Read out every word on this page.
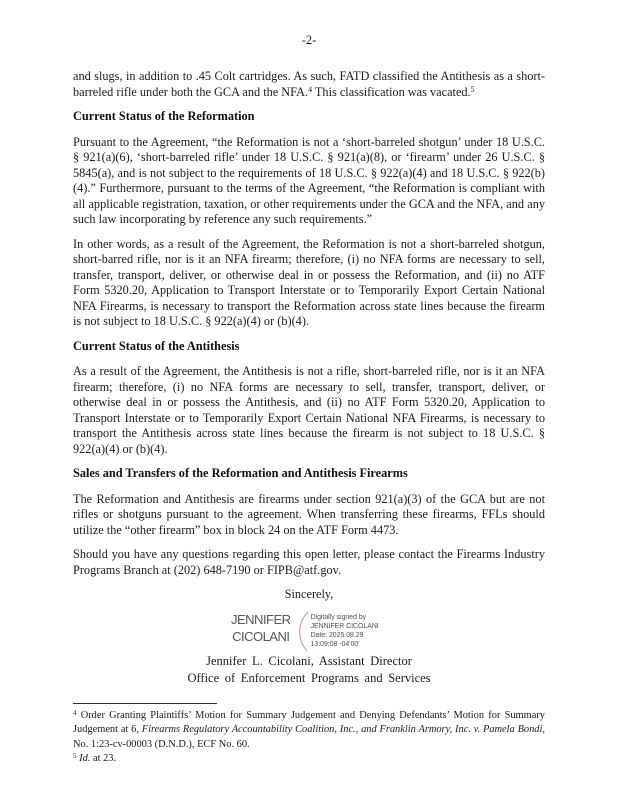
-2-

and slugs, in addition to .45 Colt cartridges. As such, FATD classified the Antithesis as a short-barreled rifle under both the GCA and the NFA.$^4$ This classification was vacated.$^5$

Current Status of the Reformation

Pursuant to the Agreement, “the Reformation is not a ‘short-barreled shotgun’ under 18 U.S.C. § 921(a)(6), ‘short-barreled rifle’ under 18 U.S.C. § 921(a)(8), or ‘firearm’ under 26 U.S.C. § 5845(a), and is not subject to the requirements of 18 U.S.C. § 922(a)(4) and 18 U.S.C. § 922(b)(4).” Furthermore, pursuant to the terms of the Agreement, “the Reformation is compliant with all applicable registration, taxation, or other requirements under the GCA and the NFA, and any such law incorporating by reference any such requirements.”

In other words, as a result of the Agreement, the Reformation is not a short-barreled shotgun, short-barred rifle, nor is it an NFA firearm; therefore, (i) no NFA forms are necessary to sell, transfer, transport, deliver, or otherwise deal in or possess the Reformation, and (ii) no ATF Form 5320.20, Application to Transport Interstate or to Temporarily Export Certain National NFA Firearms, is necessary to transport the Reformation across state lines because the firearm is not subject to 18 U.S.C. § 922(a)(4) or (b)(4).

Current Status of the Antithesis

As a result of the Agreement, the Antithesis is not a rifle, short-barreled rifle, nor is it an NFA firearm; therefore, (i) no NFA forms are necessary to sell, transfer, transport, deliver, or otherwise deal in or possess the Antithesis, and (ii) no ATF Form 5320.20, Application to Transport Interstate or to Temporarily Export Certain National NFA Firearms, is necessary to transport the Antithesis across state lines because the firearm is not subject to 18 U.S.C. § 922(a)(4) or (b)(4).

Sales and Transfers of the Reformation and Antithesis Firearms

The Reformation and Antithesis are firearms under section 921(a)(3) of the GCA but are not rifles or shotguns pursuant to the agreement. When transferring these firearms, FFLs should utilize the “other firearm” box in block 24 on the ATF Form 4473.

Should you have any questions regarding this open letter, please contact the Firearms Industry Programs Branch at (202) 648-7190 or FIPB@atf.gov.

Sincerely,
JENNIFER
CICOLANI
Digitally signed by
JENNIFER CICOLANI
Date: 2025.08.29
13:09:08 -04'00'
Jennifer L. Cicolani, Assistant Director
Office of Enforcement Programs and Services

$^4$ Order Granting Plaintiffs’ Motion for Summary Judgement and Denying Defendants’ Motion for Summary Judgement at 6, Firearms Regulatory Accountability Coalition, Inc., and Franklin Armory, Inc. v. Pamela Bondi, No. 1:23-cv-00003 (D.N.D.), ECF No. 60.

$^5$ Id. at 23.
